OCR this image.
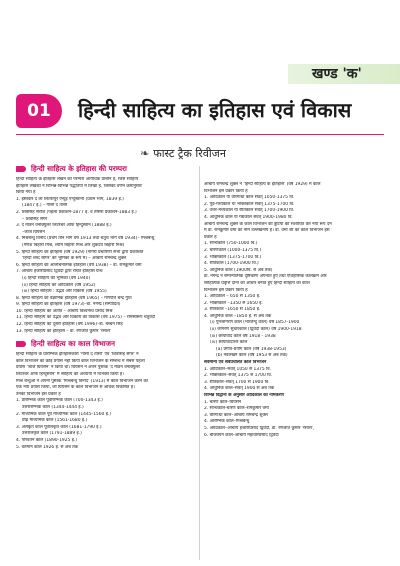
खण्ड 'क'
01	हिन्दी साहित्य का इतिहास एवं विकास
❧ फास्ट ट्रैक रिवीजन
हिन्दी साहित्य के इतिहास की परम्परा
हिन्दी साहित्य के इतिहास लेखन की परम्परा अत्यधिक प्राचीन है, जिसे साहित्य
इतिहास लेखकों ने विभिन्न-विभिन्न पद्धतियों में लिखा है, जिसका वर्णन क्रमानुसार
किया गया है
1. इस्तवार द ला लितरेत्युर ऐन्दुई ऐन्दुस्तानी (प्रथम भाग, 1839 ई.)
(1847 ई.) – गार्सां द तासी
2. शिवसिंह सरोज (पहला प्रकाशन-1877 ई. व तीसरा प्रकाशन-1883 ई.)
– शिवसिंह सेंगर
3. द मॉडर्न वर्नाक्युलर लिटरेचर ऑफ हिन्दुस्तान (1888 ई.)
–जॉर्ज ग्रियर्सन
4. मिश्रबन्धु विनोद (प्रथम तीन भाग वर्ष 1913 तथा चतुर्थ भाग वर्ष 1934)– मिश्रबन्धु
(गणेश बिहारी मिश्र, श्याम बिहारी मिश्र और शुकदेव बिहारी मिश्र)
5. हिन्दी साहित्य का इतिहास (वर्ष 1929) (नागरी प्रचारिणी सभा द्वारा प्रकाशित
'हिन्दी शब्द सागर' की भूमिका के रूप में) – आचार्य रामचन्द्र शुक्ल
6. हिन्दी साहित्य का आलोचनात्मक इतिहास (वर्ष 1938) – डॉ. रामकुमार वर्मा
7. आचार्य हजारीप्रसाद द्विवेदी द्वारा रचित इतिहास ग्रन्थ
(i) हिन्दी साहित्य की भूमिका (वर्ष 1940)
(ii) हिन्दी साहित्य का आदिकाल (वर्ष 1952)
(iii) हिन्दी साहित्य : उद्भव और विकास (वर्ष 1955)
8. हिन्दी साहित्य का वैज्ञानिक इतिहास (वर्ष 1965) – गणपति चन्द्र गुप्त
9. हिन्दी साहित्य का इतिहास (वर्ष 1973)–डॉ. नगेन्द्र (सम्पादित)
10. हिन्दी साहित्य का अतीत – आचार्य विश्वनाथ प्रसाद मिश्र
11. हिन्दी साहित्य का उद्भव और विकास का विकास (वर्ष 1975) – रामस्वरूप चतुर्वेदी
12. हिन्दी साहित्य का दूसरा इतिहास (वर्ष 1996)–डॉ. बच्चन सिंह
13. हिन्दी साहित्य का इतिहास – डॉ. रणजीत कुमार 'रसाल'
हिन्दी साहित्य का काल विभाजन
हिन्दी साहित्य के प्रारम्भिक इतिहासकारों 'गार्सां द तासी' एवं 'शिवसिंह सेंगर' ने
काल विभाजन का कोई प्रयास नहीं किया काल विभाजन के सम्बन्ध में सबसे पहला
प्रयास 'जॉर्ज ग्रियर्सन' ने किया था। ग्रियर्सन ने अपने पुस्तक 'द मॉडर्न वर्नाक्युलर
लिटरेचर ऑफ हिन्दुस्तान' में साहित्य को अध्यायों में विभक्त किया है।
मिश्र बन्धुओं ने अपनी पुस्तक 'मिश्रबन्धु विनोद' (1913) में काल विभाजन करने का
एक नया प्रयास किया, जो ग्रियर्सन के काल विभाजन से अधिक विकसित है।
उनका विभाजन इस प्रकार है
1. प्रारम्भिक काल पूर्वारम्भिक काल (700-1343 ई.)
उत्तरारम्भिक काल (1344-1444 ई.)
2. माध्यमिक काल पूर्व माध्यमिक काल (1445-1560 ई.)
प्रौढ़ माध्यमिक काल (1561-1680 ई.)
3. अलंकृत काल पूर्वालंकृत काल (1681-1790 ई.)
उत्तरालंकृत काल (1791-1889 ई.)
4. परिवर्तन काल (1890-1925 ई.)
5. वर्तमान काल 1926 ई. से अब तक
आचार्य रामचन्द्र शुक्ल ने 'हिन्दी साहित्य के इतिहास' (वर्ष 1929) में काल
विभाजन इस प्रकार किया है
1. आदिकाल या वीरगाथा काल संवत् 1050-1375 वि.
2. पूर्व-मध्यकाल या भक्तिकाल संवत् 1375-1700 वि.
3. उत्तर-मध्यकाल या रीतिकाल संवत् 1700-1900 वि.
4. आधुनिक काल या गद्यकाल संवत् 1900-1980 वि.
आचार्य रामचन्द्र शुक्ल के काल विभाजन की त्रुटियों को संशोधित कर नया रूप देने
में डॉ. रामकुमार वर्मा का नाम उल्लेखनीय है। डॉ. वर्मा जी का काल विभाजन इस
प्रकार है
1. सन्धिकाल (750-1000 वि.)
2. चारणकाल (1000-1375 वि.)
3. भक्तिकाल (1375-1700 वि.)
4. रीतिकाल (1700-1900 वि.)
5. आधुनिक काल (1900वि. से अब तक)
डॉ. नगेन्द्र ने सम्पन्यात्मक दृष्टिकोण अपनाते हुए तथा ऐतिहासिक कालक्रम और
साहित्यिक प्रवृत्ति दोनों को आधार बनाते हुए हिन्दी साहित्य का काल
विभाजन इस प्रकार किया है
1. आदिकाल – 650 से 1350 ई.
2. भक्तिकाल –1350 से 1650 ई.
3. रीतिकाल –1650 से 1850 ई.
4. आधुनिक काल –1850 ई. से अब तक
(i) पुनर्जागरण काल (भारतेन्दु काल) वर्ष 1857-1900
(ii) जागरण सुधारकाल (द्विवेदी काल) वर्ष 1900-1918
(iii) छायावाद काल वर्ष 1918 - 1938
(iv) छायावादोत्तर काल
(a) प्रगति-प्रयोग काल (वर्ष 1938-1953)
(b) नवलेखन काल (वर्ष 1953 से अब तक)
सर्वमान्य एवं सर्वप्रचलित काल विभाजन
1. आदिकाल–संवत् 1050 से 1375 वि.
2. भक्तिकाल–संवत् 1375 से 1700 वि.
3. रीतिकाल–संवत् 1700 से 1900 वि.
4. आधुनिक काल–संवत् 1900 से अब तक
विभिन्न विद्वानों के अनुसार आदिकाल का नामकरण
1. चारण काल–ग्रियर्सन
2. सन्धिकाल-चारण काल–रामकुमार वर्मा
3. वीरगाथा काल–आचार्य रामचन्द्र शुक्ल
4. आरम्भिक काल–मिश्रबन्धु
5. आदिकाल–आचार्य हजारीप्रसाद द्विवेदी, डॉ. रणजीत कुमार 'रसाल',
6. बीजवपन काल–आचार्य महावीरप्रसाद द्विवेदी
